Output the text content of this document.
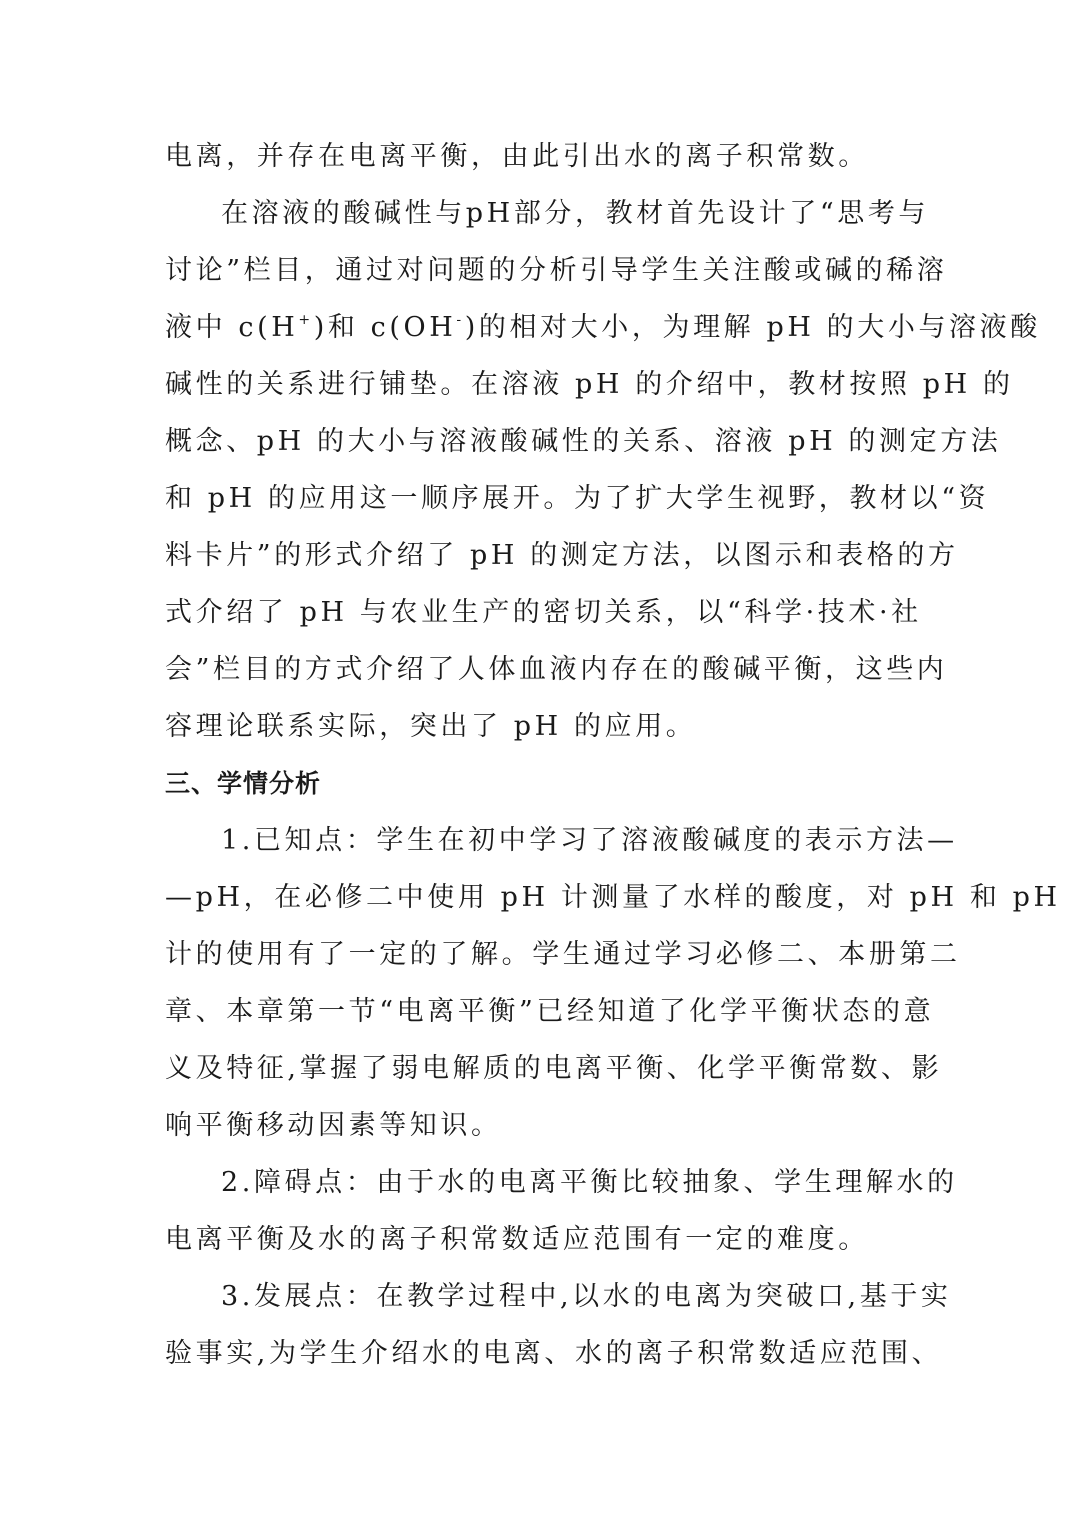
电离，并存在电离平衡，由此引出水的离子积常数。
在溶液的酸碱性与pH部分，教材首先设计了“思考与
讨论”栏目，通过对问题的分析引导学生关注酸或碱的稀溶
液中 c(H+)和 c(OH-)的相对大小，为理解 pH 的大小与溶液酸
碱性的关系进行铺垫。在溶液 pH 的介绍中，教材按照 pH 的
概念、pH 的大小与溶液酸碱性的关系、溶液 pH 的测定方法
和 pH 的应用这一顺序展开。为了扩大学生视野，教材以“资
料卡片”的形式介绍了 pH 的测定方法，以图示和表格的方
式介绍了 pH 与农业生产的密切关系，以“科学·技术·社
会”栏目的方式介绍了人体血液内存在的酸碱平衡，这些内
容理论联系实际，突出了 pH 的应用。
三、学情分析
1.已知点：学生在初中学习了溶液酸碱度的表示方法—
—pH，在必修二中使用 pH 计测量了水样的酸度，对 pH 和 pH
计的使用有了一定的了解。学生通过学习必修二、本册第二
章、本章第一节“电离平衡”已经知道了化学平衡状态的意
义及特征,掌握了弱电解质的电离平衡、化学平衡常数、影
响平衡移动因素等知识。
2.障碍点：由于水的电离平衡比较抽象、学生理解水的
电离平衡及水的离子积常数适应范围有一定的难度。
3.发展点：在教学过程中,以水的电离为突破口,基于实
验事实,为学生介绍水的电离、水的离子积常数适应范围、
